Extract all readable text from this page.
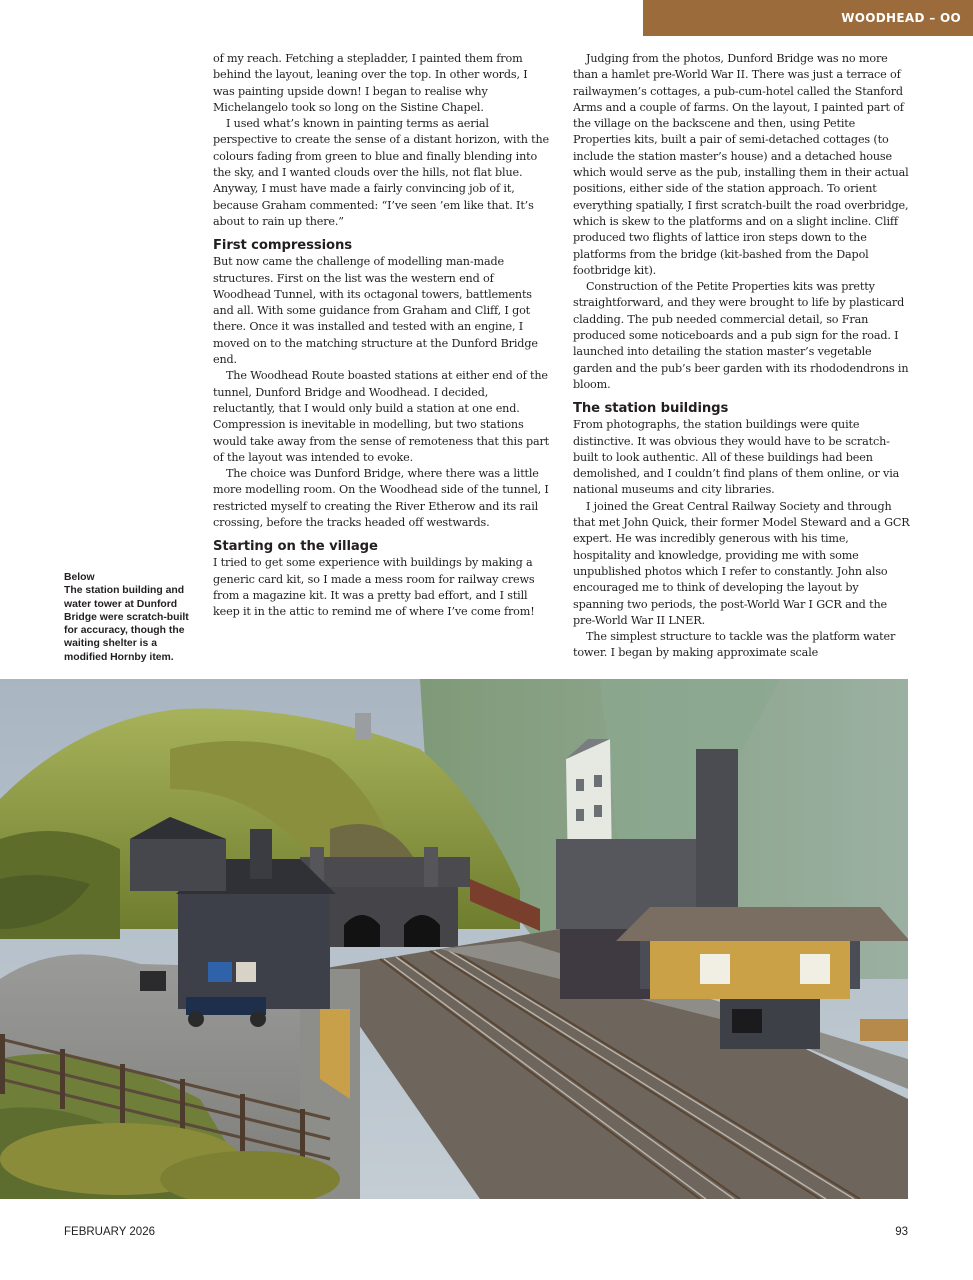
WOODHEAD – OO

of my reach. Fetching a stepladder, I painted them from behind the layout, leaning over the top. In other words, I was painting upside down! I began to realise why Michelangelo took so long on the Sistine Chapel.

I used what’s known in painting terms as aerial perspective to create the sense of a distant horizon, with the colours fading from green to blue and finally blending into the sky, and I wanted clouds over the hills, not flat blue. Anyway, I must have made a fairly convincing job of it, because Graham commented: “I’ve seen ’em like that. It’s about to rain up there.”

First compressions

But now came the challenge of modelling man-made structures. First on the list was the western end of Woodhead Tunnel, with its octagonal towers, battlements and all. With some guidance from Graham and Cliff, I got there. Once it was installed and tested with an engine, I moved on to the matching structure at the Dunford Bridge end.

The Woodhead Route boasted stations at either end of the tunnel, Dunford Bridge and Woodhead. I decided, reluctantly, that I would only build a station at one end. Compression is inevitable in modelling, but two stations would take away from the sense of remoteness that this part of the layout was intended to evoke.

The choice was Dunford Bridge, where there was a little more modelling room. On the Woodhead side of the tunnel, I restricted myself to creating the River Etherow and its rail crossing, before the tracks headed off westwards.

Starting on the village

I tried to get some experience with buildings by making a generic card kit, so I made a mess room for railway crews from a magazine kit. It was a pretty bad effort, and I still keep it in the attic to remind me of where I’ve come from!

Judging from the photos, Dunford Bridge was no more than a hamlet pre-World War II. There was just a terrace of railwaymen’s cottages, a pub-cum-hotel called the Stanford Arms and a couple of farms. On the layout, I painted part of the village on the backscene and then, using Petite Properties kits, built a pair of semi-detached cottages (to include the station master’s house) and a detached house which would serve as the pub, installing them in their actual positions, either side of the station approach. To orient everything spatially, I first scratch-built the road overbridge, which is skew to the platforms and on a slight incline. Cliff produced two flights of lattice iron steps down to the platforms from the bridge (kit-bashed from the Dapol footbridge kit).

Construction of the Petite Properties kits was pretty straightforward, and they were brought to life by plasticard cladding. The pub needed commercial detail, so Fran produced some noticeboards and a pub sign for the road. I launched into detailing the station master’s vegetable garden and the pub’s beer garden with its rhododendrons in bloom.

The station buildings

From photographs, the station buildings were quite distinctive. It was obvious they would have to be scratch-built to look authentic. All of these buildings had been demolished, and I couldn’t find plans of them online, or via national museums and city libraries.

I joined the Great Central Railway Society and through that met John Quick, their former Model Steward and a GCR expert. He was incredibly generous with his time, hospitality and knowledge, providing me with some unpublished photos which I refer to constantly. John also encouraged me to think of developing the layout by spanning two periods, the post-World War I GCR and the pre-World War II LNER.

The simplest structure to tackle was the platform water tower. I began by making approximate scale

Below
The station building and water tower at Dunford Bridge were scratch-built for accuracy, though the waiting shelter is a modified Hornby item.
FEBRUARY 2026	93
